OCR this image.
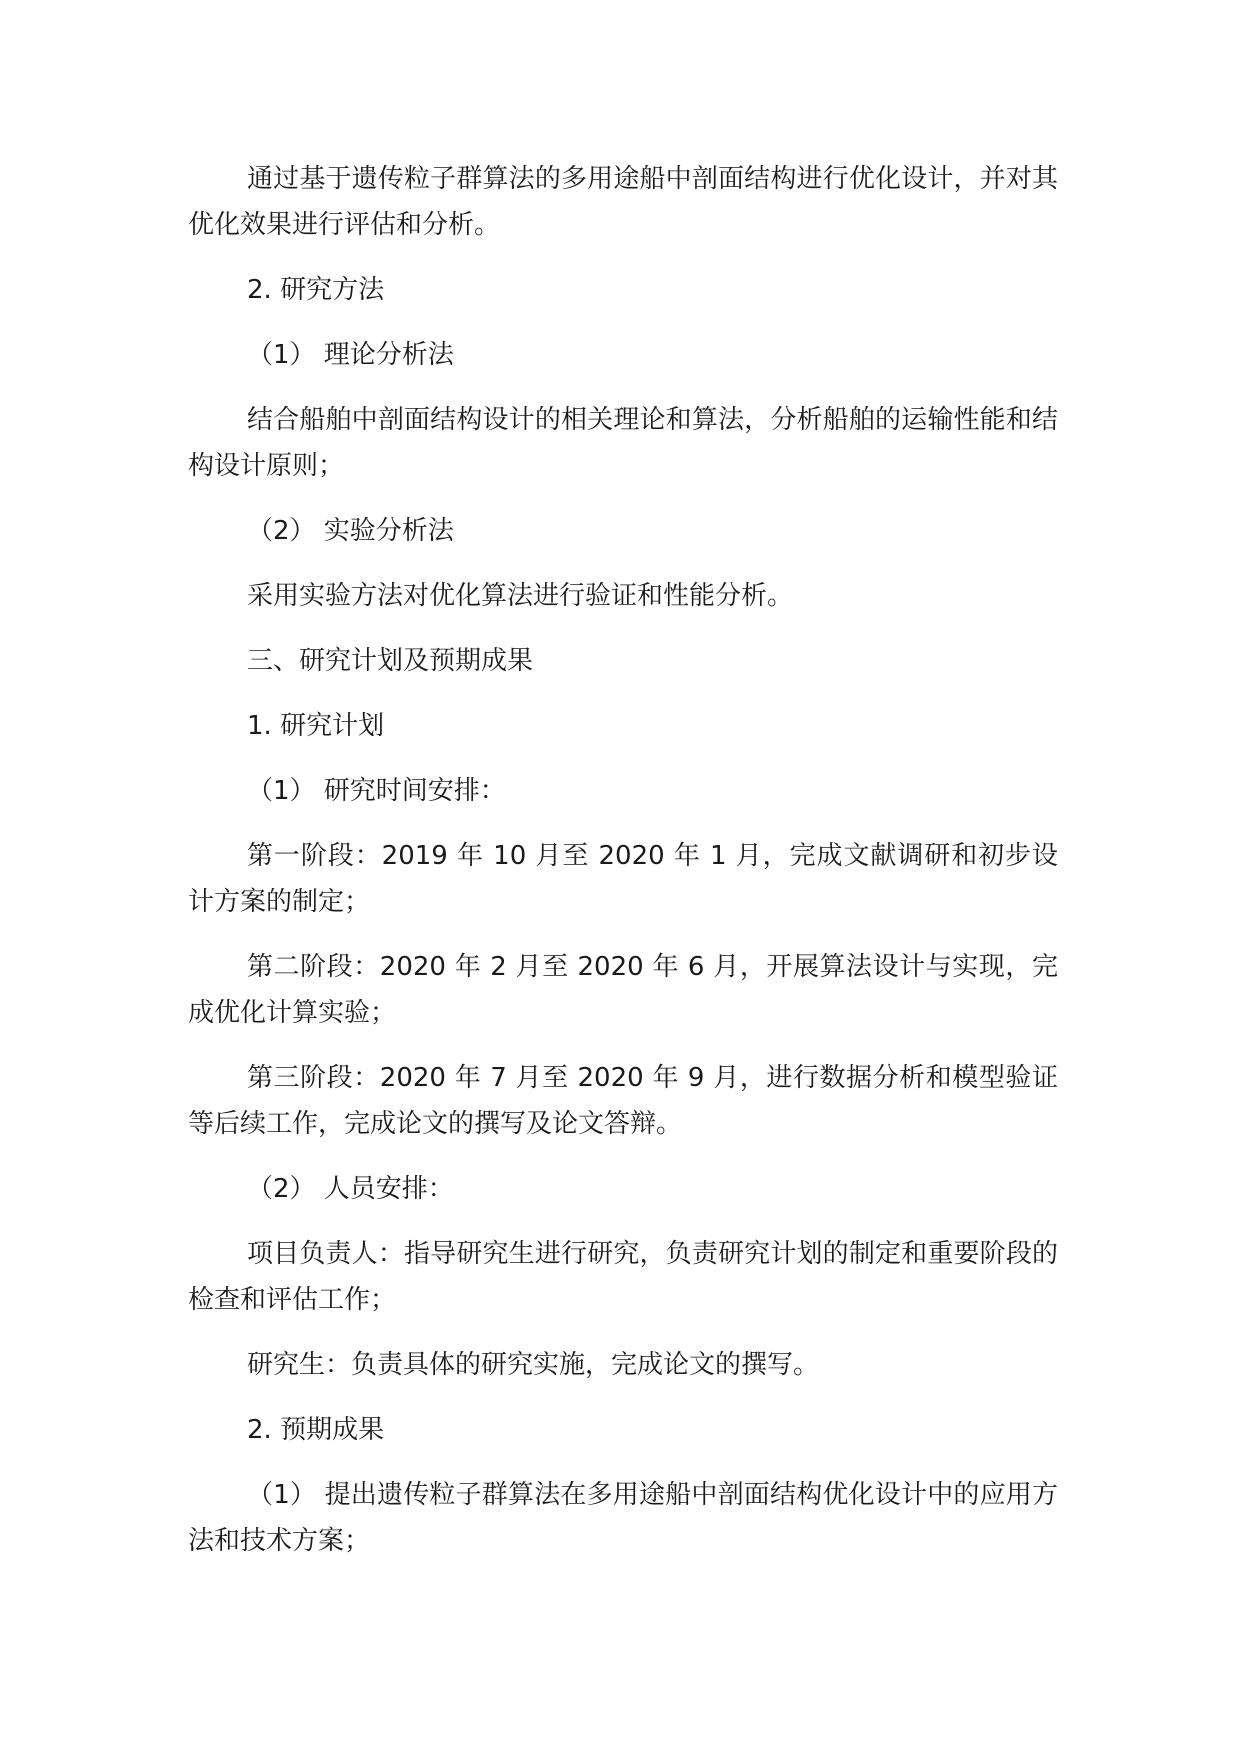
通过基于遗传粒子群算法的多用途船中剖面结构进行优化设计，并对其优化效果进行评估和分析。

2. 研究方法

（1） 理论分析法

结合船舶中剖面结构设计的相关理论和算法，分析船舶的运输性能和结构设计原则；

（2） 实验分析法

采用实验方法对优化算法进行验证和性能分析。

三、研究计划及预期成果

1. 研究计划

（1） 研究时间安排：

第一阶段：2019 年 10 月至 2020 年 1 月，完成文献调研和初步设计方案的制定；

第二阶段：2020 年 2 月至 2020 年 6 月，开展算法设计与实现，完成优化计算实验；

第三阶段：2020 年 7 月至 2020 年 9 月，进行数据分析和模型验证等后续工作，完成论文的撰写及论文答辩。

（2） 人员安排：

项目负责人：指导研究生进行研究，负责研究计划的制定和重要阶段的检查和评估工作；

研究生：负责具体的研究实施，完成论文的撰写。

2. 预期成果

（1） 提出遗传粒子群算法在多用途船中剖面结构优化设计中的应用方法和技术方案；
